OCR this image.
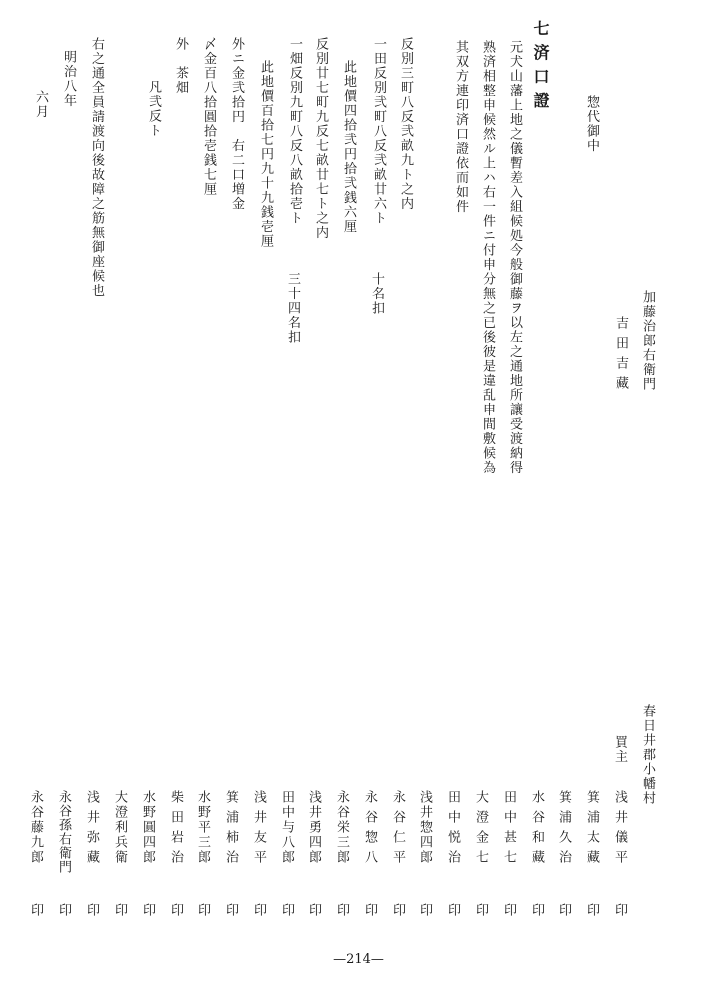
加藤治郎右衛門
吉田吉藏
惣代御中
七済口證
元犬山藩上地之儀暫差入組候処今般御藤ヲ以左之通地所讓受渡納得
熟済相整申候然ル上ハ右一件ニ付申分無之已後彼是違乱申間敷候為
其双方連印済口證依而如件
反別三町八反弐畝九ト之内
一田反別弐町八反弐畝廿六ト
十名扣
此地價四拾弐円拾弐銭六厘
反別廿七町九反七畝廿七ト之内
一畑反別九町八反八畝拾壱ト
三十四名扣
此地價百拾七円九十九銭壱厘
外ニ金弐拾円　右二口増金
〆金百八拾圓拾壱銭七厘
外　茶畑
凡弐反ト
右之通全員請渡向後故障之筋無御座候也
明治八年
六月
春日井郡小幡村
買主
浅井儀平
印
箕浦太藏
印
箕浦久治
印
水谷和藏
印
田中甚七
印
大澄金七
印
田中悦治
印
浅井惣四郎
印
永谷仁平
印
永谷惣八
印
永谷栄三郎
印
浅井勇四郎
印
田中与八郎
印
浅井友平
印
箕浦柿治
印
水野平三郎
印
柴田岩治
印
水野圓四郎
印
大澄利兵衛
印
浅井弥藏
印
永谷孫右衛門
印
永谷藤九郎
印
—214—
